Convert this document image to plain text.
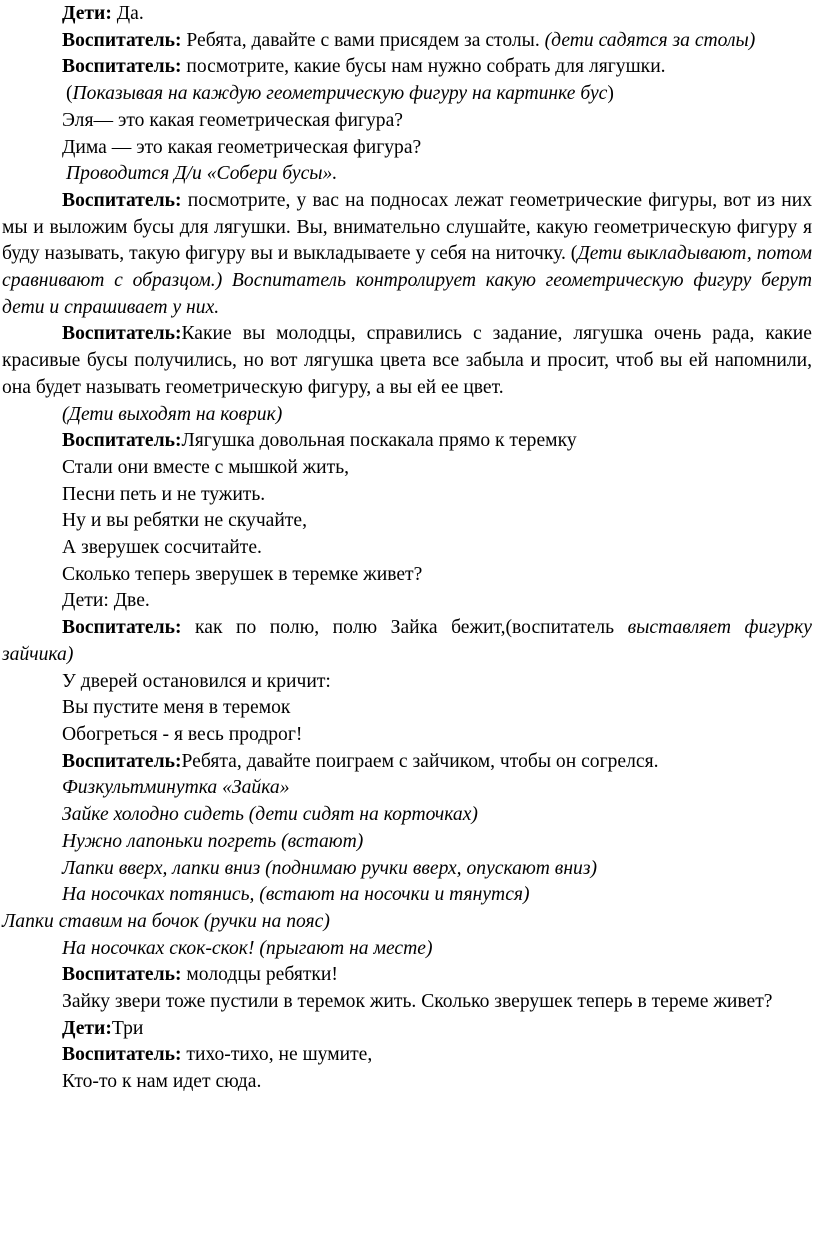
Дети: Да.

Воспитатель: Ребята, давайте с вами присядем за столы. (дети садятся за столы)

Воспитатель: посмотрите, какие бусы нам нужно собрать для лягушки.

(Показывая на каждую геометрическую фигуру на картинке бус)

Эля— это какая геометрическая фигура?

Дима — это какая геометрическая фигура?

Проводится Д/и «Собери бусы».

Воспитатель: посмотрите, у вас на подносах лежат геометрические фигуры, вот из них мы и выложим бусы для лягушки. Вы, внимательно слушайте, какую геометрическую фигуру я буду называть, такую фигуру вы и выкладываете у себя на ниточку. (Дети выкладывают, потом сравнивают с образцом.) Воспитатель контролирует какую геометрическую фигуру берут дети и спрашивает у них.

Воспитатель:Какие вы молодцы, справились с задание, лягушка очень рада, какие красивые бусы получились, но вот лягушка цвета все забыла и просит, чтоб вы ей напомнили, она будет называть геометрическую фигуру, а вы ей ее цвет.

(Дети выходят на коврик)

Воспитатель:Лягушка довольная поскакала прямо к теремку

Стали они вместе с мышкой жить,

Песни петь и не тужить.

Ну и вы ребятки не скучайте,

А зверушек сосчитайте.

Сколько теперь зверушек в теремке живет?

Дети: Две.

Воспитатель: как по полю, полю Зайка бежит,(воспитатель выставляет фигурку зайчика)

У дверей остановился и кричит:

Вы пустите меня в теремок

Обогреться - я весь продрог!

Воспитатель:Ребята, давайте поиграем с зайчиком, чтобы он согрелся.

Физкультминутка «Зайка»

Зайке холодно сидеть (дети сидят на корточках)

Нужно лапоньки погреть (встают)

Лапки вверх, лапки вниз (поднимаю ручки вверх, опускают вниз)

На носочках потянись, (встают на носочки и тянутся)

Лапки ставим на бочок (ручки на пояс)

На носочках скок-скок! (прыгают на месте)

Воспитатель: молодцы ребятки!

Зайку звери тоже пустили в теремок жить. Сколько зверушек теперь в тереме живет?

Дети:Три

Воспитатель: тихо-тихо, не шумите,

Кто-то к нам идет сюда.
